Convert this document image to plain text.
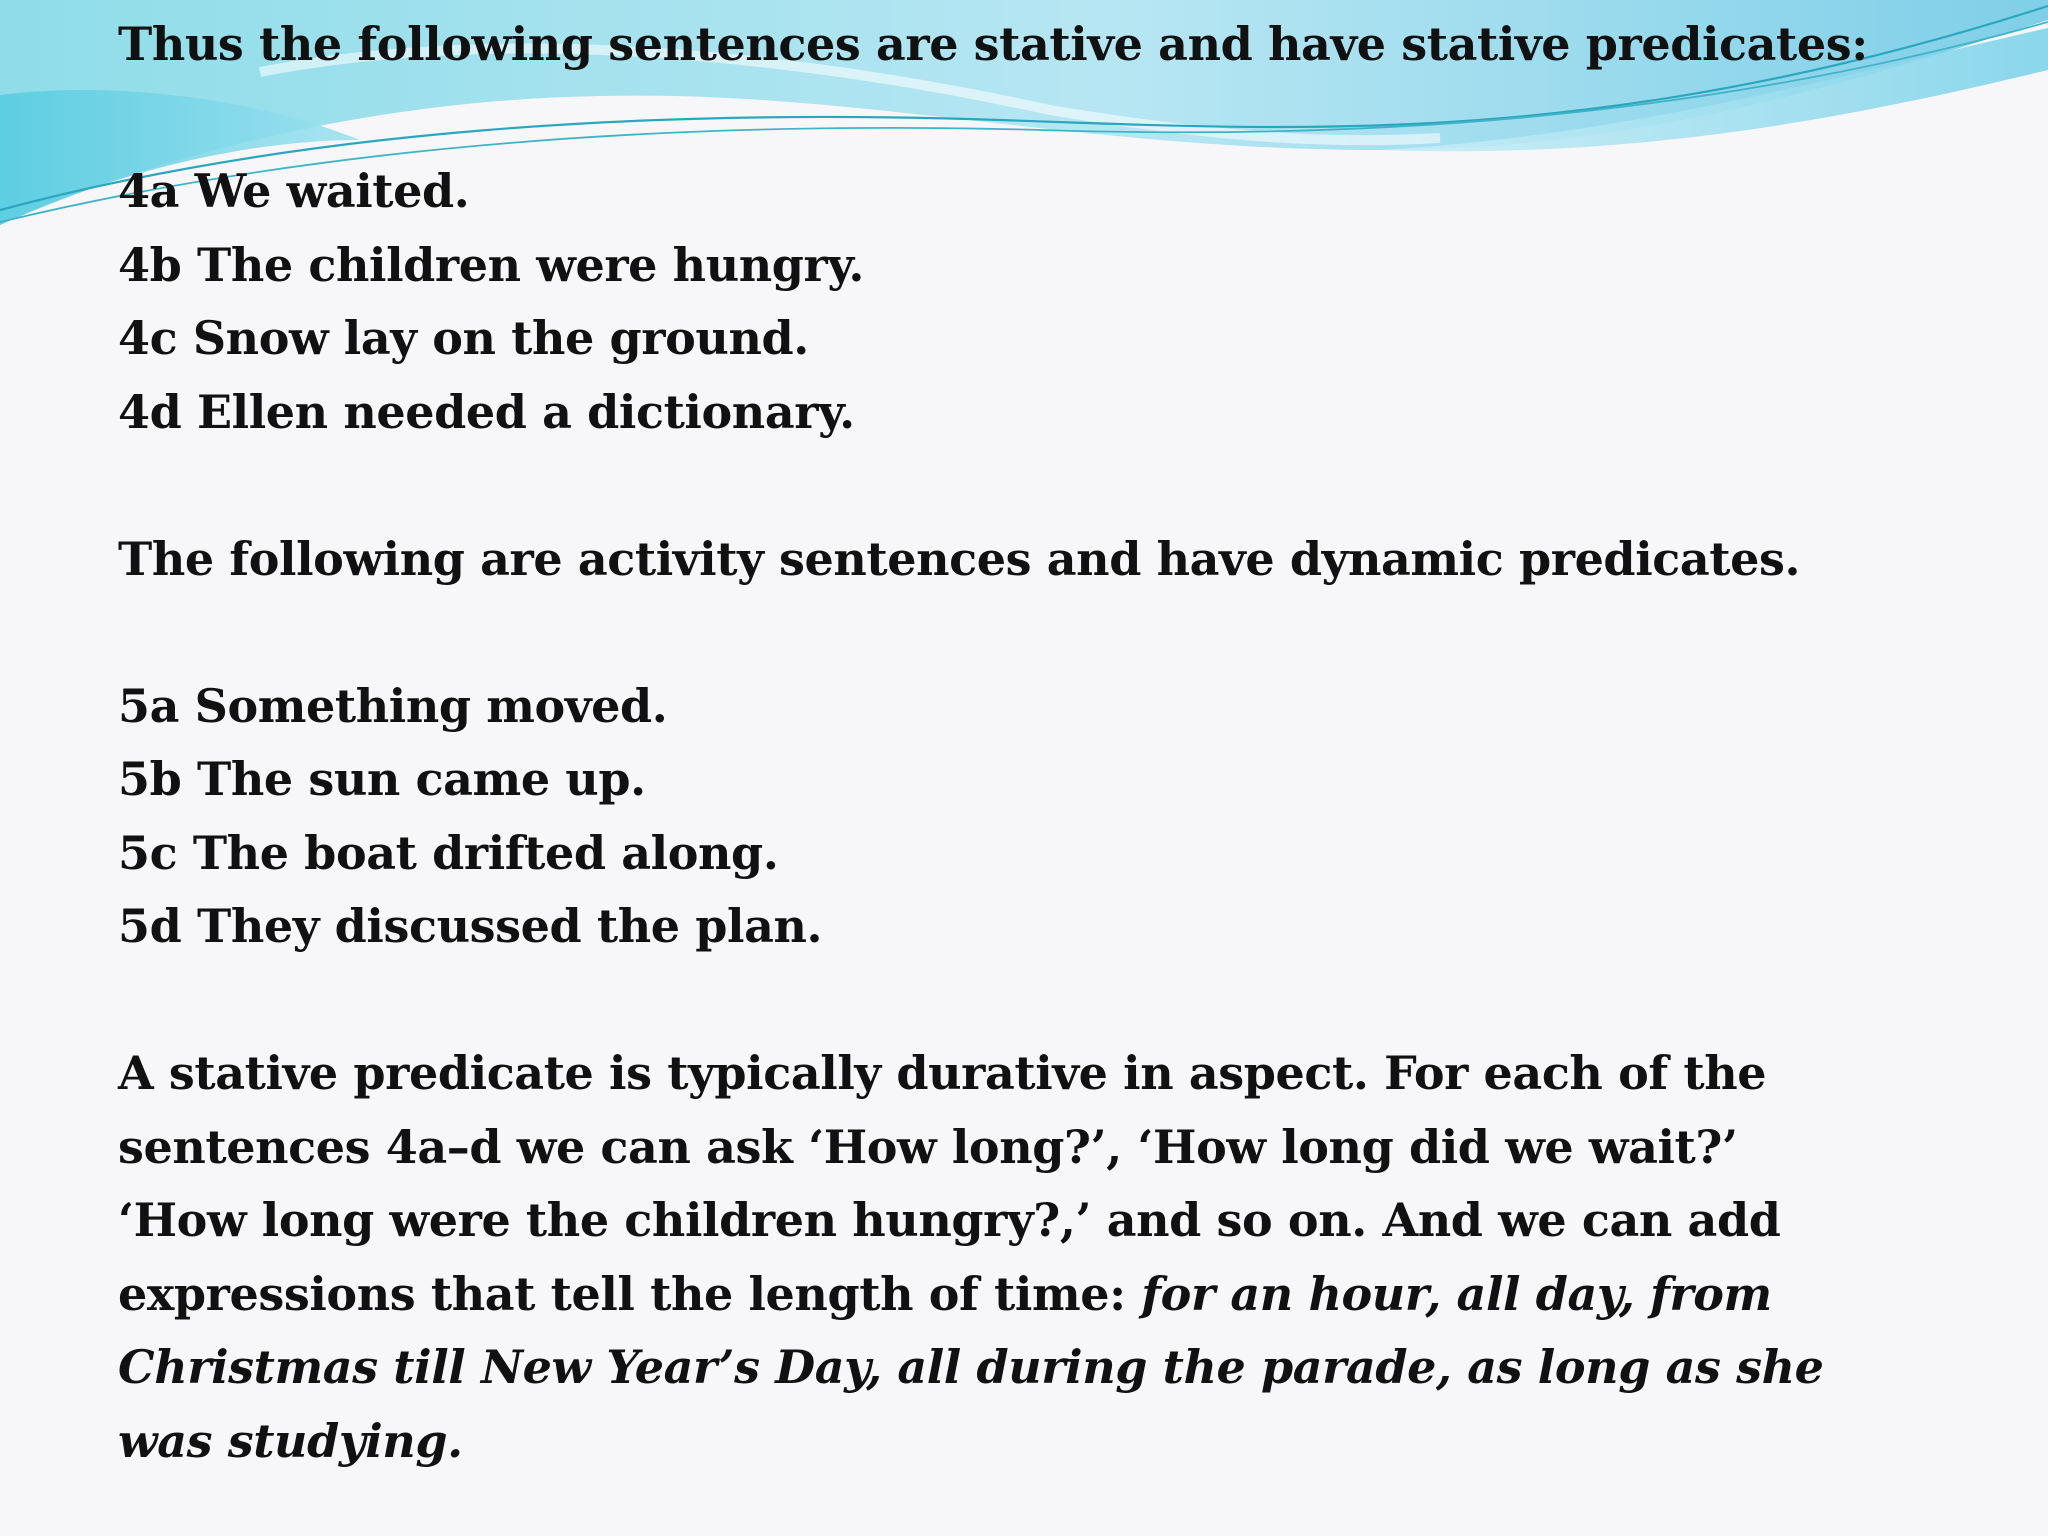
Thus the following sentences are stative and have stative predicates:
4a We waited.
4b The children were hungry.
4c Snow lay on the ground.
4d Ellen needed a dictionary.
The following are activity sentences and have dynamic predicates.
5a Something moved.
5b The sun came up.
5c The boat drifted along.
5d They discussed the plan.
A stative predicate is typically durative in aspect. For each of the
sentences 4a–d we can ask ‘How long?’, ‘How long did we wait?’
‘How long were the children hungry?,’ and so on. And we can add
expressions that tell the length of time: for an hour, all day, from
Christmas till New Year’s Day, all during the parade, as long as she
was studying.
